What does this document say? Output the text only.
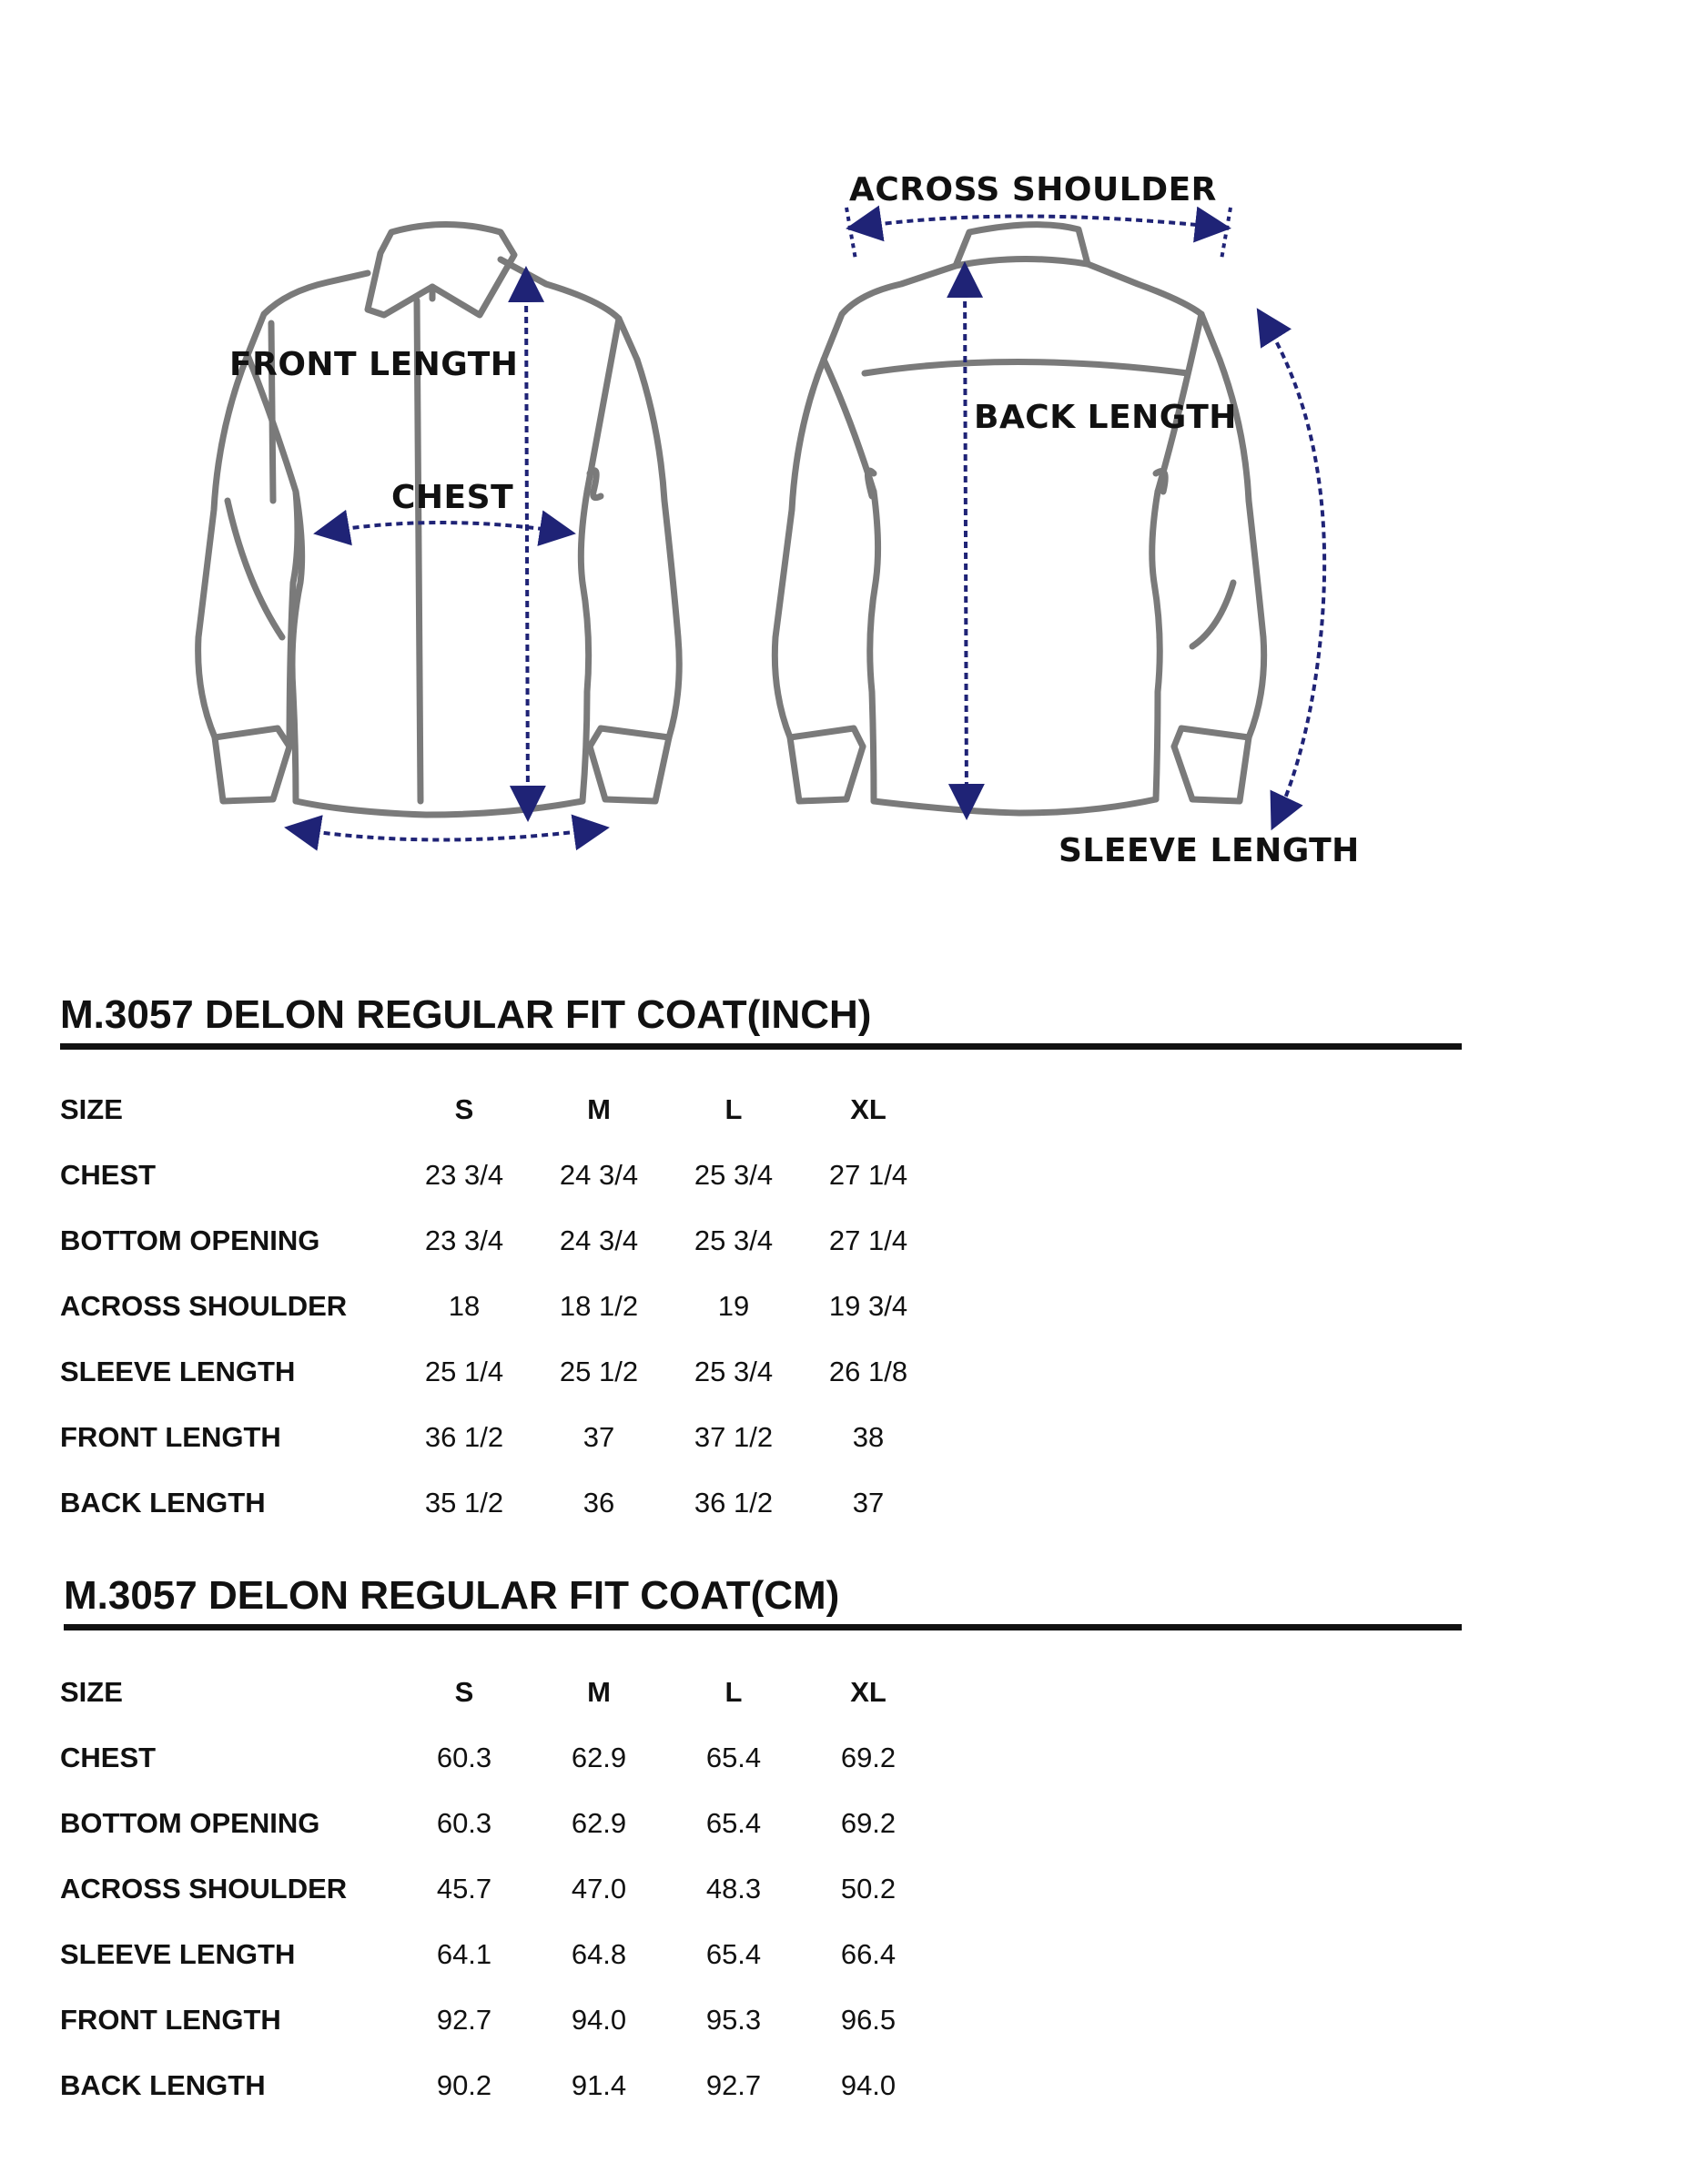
FRONT LENGTH
CHEST
ACROSS SHOULDER
BACK LENGTH
SLEEVE LENGTH
M.3057 DELON REGULAR FIT COAT(INCH)
SIZE	S	M	L	XL
CHEST	23 3/4	24 3/4	25 3/4	27 1/4
BOTTOM OPENING	23 3/4	24 3/4	25 3/4	27 1/4
ACROSS SHOULDER	18	18 1/2	19	19 3/4
SLEEVE LENGTH	25 1/4	25 1/2	25 3/4	26 1/8
FRONT LENGTH	36 1/2	37	37 1/2	38
BACK LENGTH	35 1/2	36	36 1/2	37
M.3057 DELON REGULAR FIT COAT(CM)
SIZE	S	M	L	XL
CHEST	60.3	62.9	65.4	69.2
BOTTOM OPENING	60.3	62.9	65.4	69.2
ACROSS SHOULDER	45.7	47.0	48.3	50.2
SLEEVE LENGTH	64.1	64.8	65.4	66.4
FRONT LENGTH	92.7	94.0	95.3	96.5
BACK LENGTH	90.2	91.4	92.7	94.0
